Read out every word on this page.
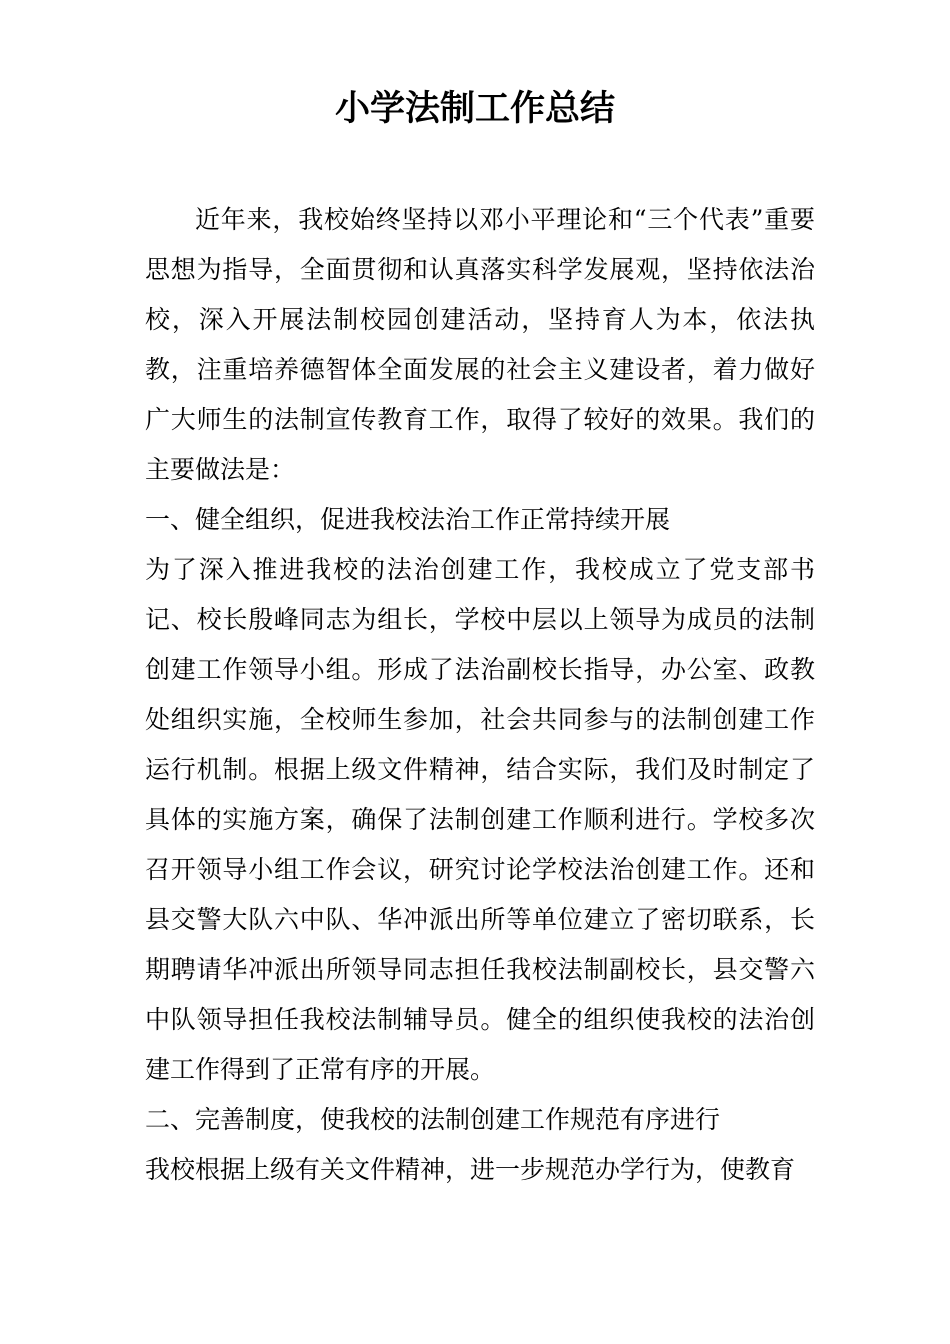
小学法制工作总结

近年来，我校始终坚持以邓小平理论和“三个代表”重要思想为指导，全面贯彻和认真落实科学发展观，坚持依法治校，深入开展法制校园创建活动，坚持育人为本，依法执教，注重培养德智体全面发展的社会主义建设者，着力做好广大师生的法制宣传教育工作，取得了较好的效果。我们的主要做法是：

一、健全组织，促进我校法治工作正常持续开展

为了深入推进我校的法治创建工作，我校成立了党支部书记、校长殷峰同志为组长，学校中层以上领导为成员的法制创建工作领导小组。形成了法治副校长指导，办公室、政教处组织实施，全校师生参加，社会共同参与的法制创建工作运行机制。根据上级文件精神，结合实际，我们及时制定了具体的实施方案，确保了法制创建工作顺利进行。学校多次召开领导小组工作会议，研究讨论学校法治创建工作。还和县交警大队六中队、华冲派出所等单位建立了密切联系，长期聘请华冲派出所领导同志担任我校法制副校长，县交警六中队领导担任我校法制辅导员。健全的组织使我校的法治创建工作得到了正常有序的开展。

二、完善制度，使我校的法制创建工作规范有序进行

我校根据上级有关文件精神，进一步规范办学行为，使教育
